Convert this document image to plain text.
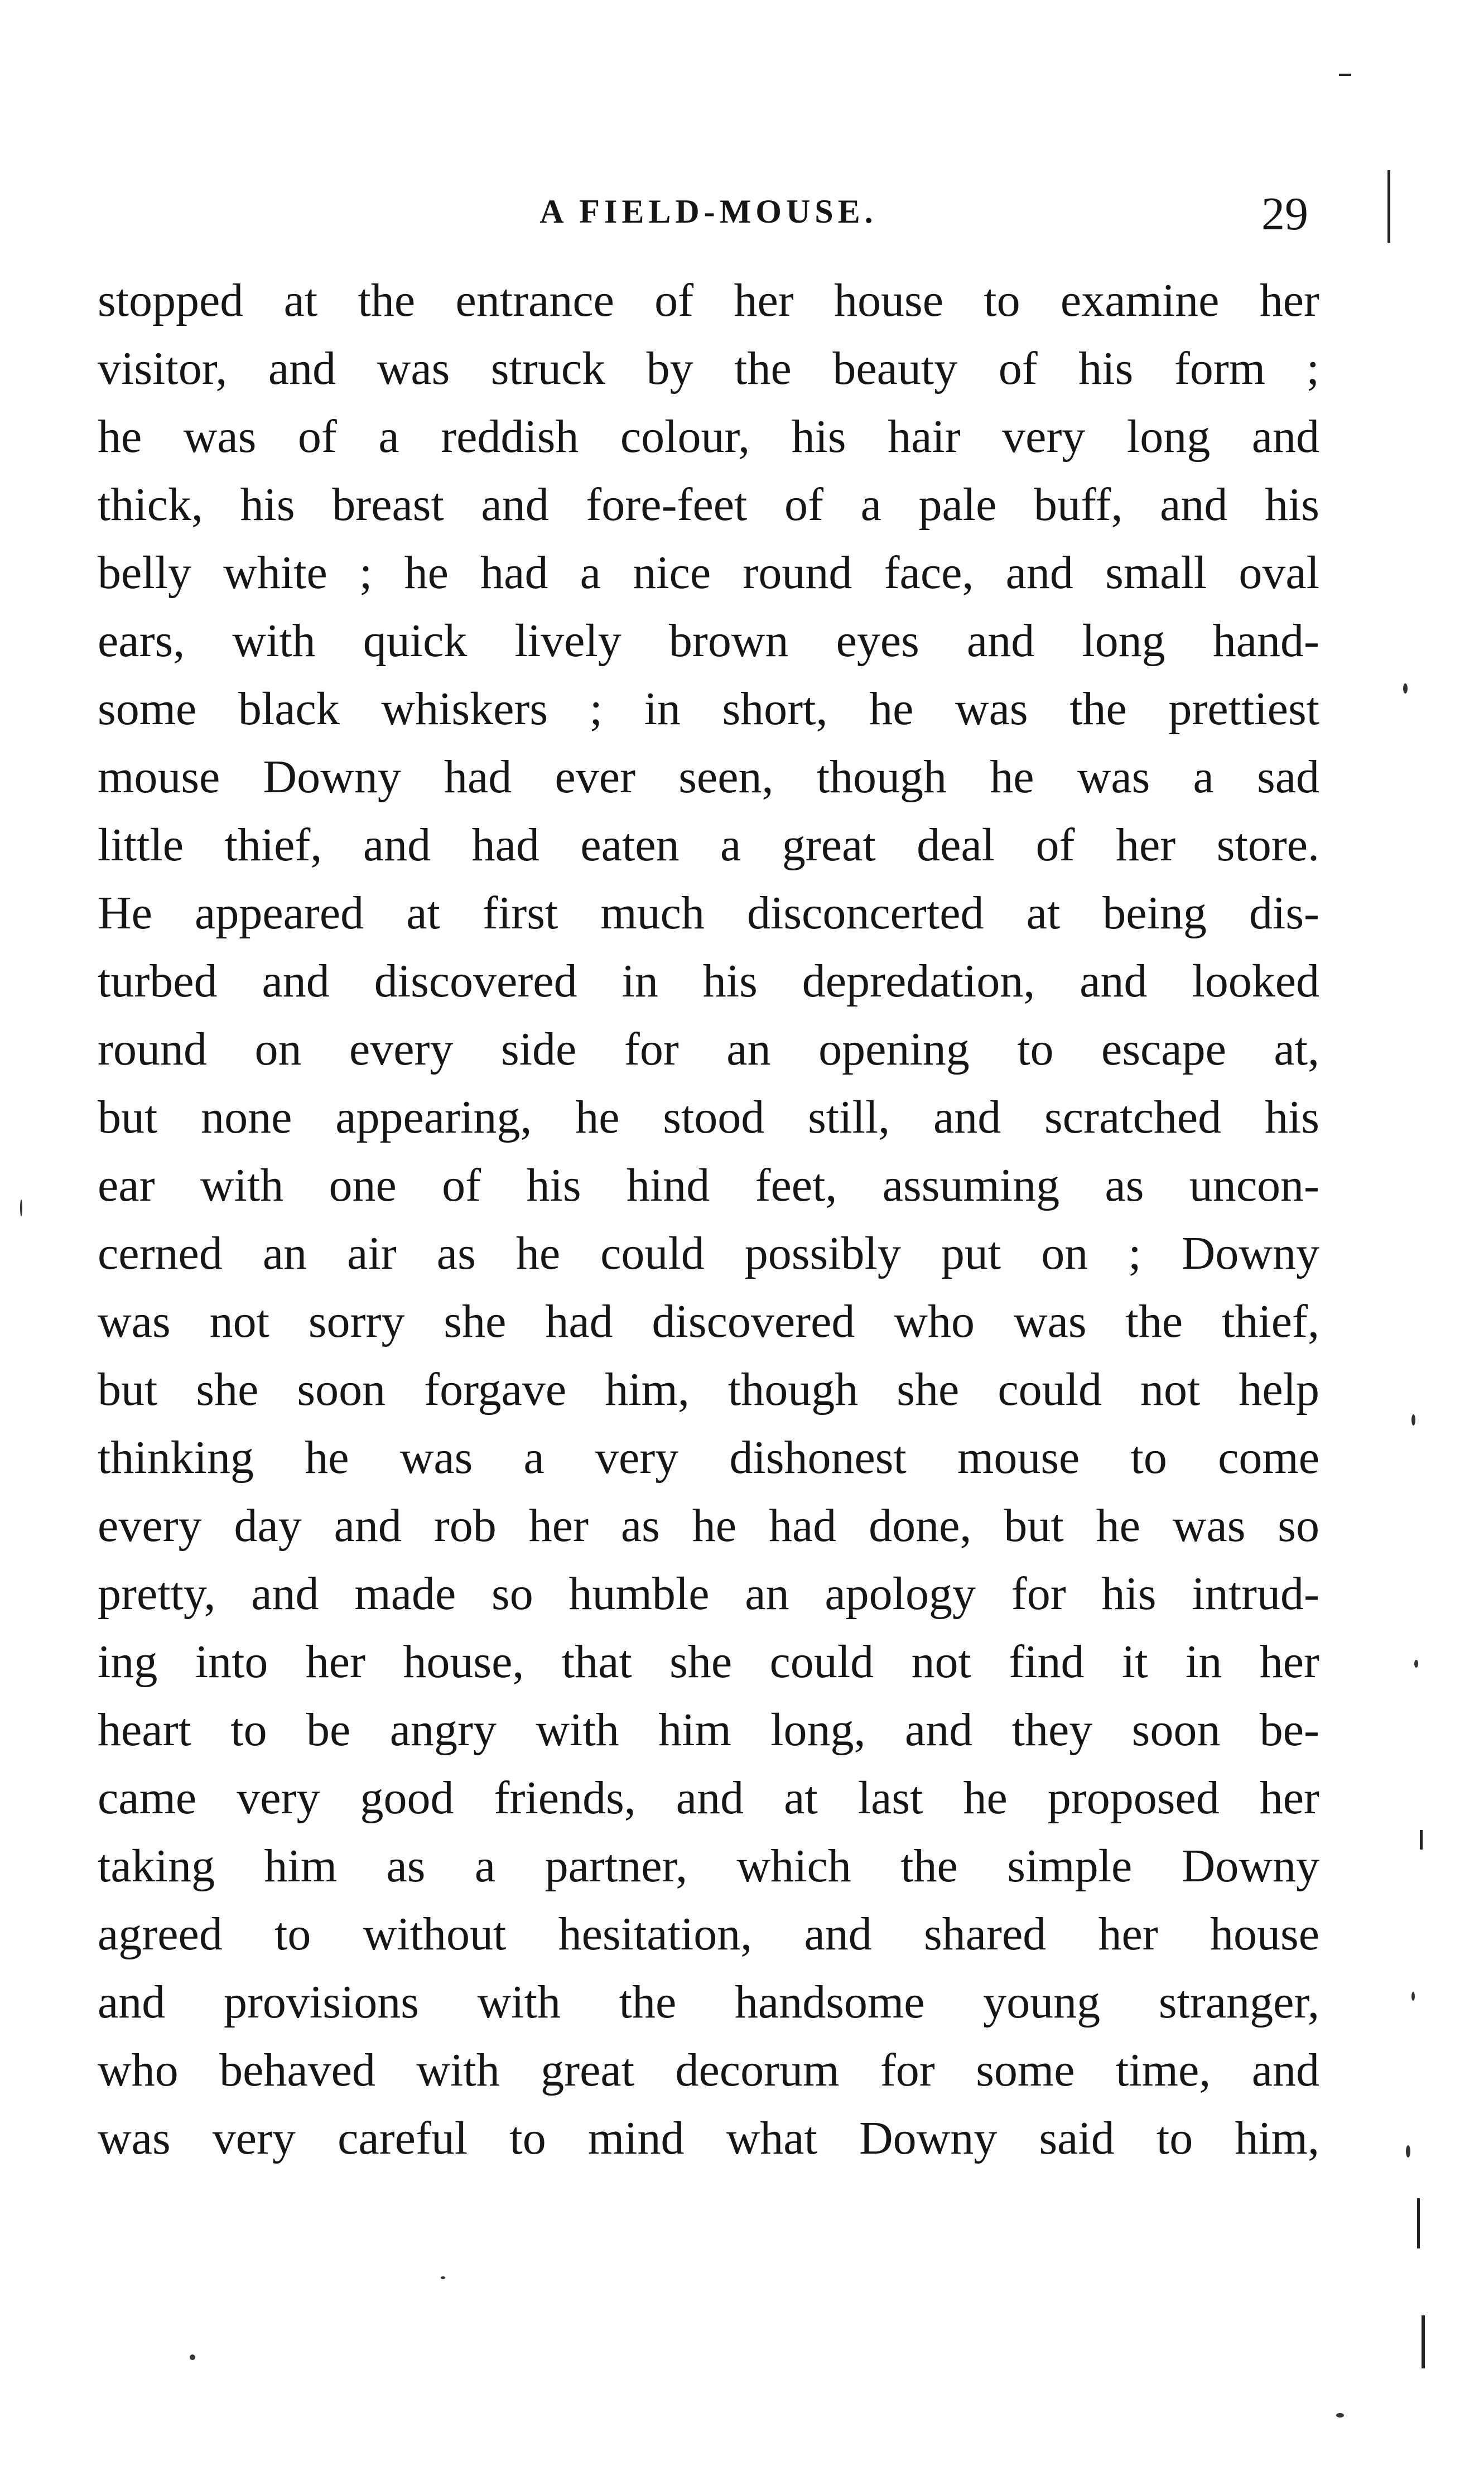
A FIELD-MOUSE.	29
stopped at the entrance of her house to examine her
visitor, and was struck by the beauty of his form ;
he was of a reddish colour, his hair very long and
thick, his breast and fore-feet of a pale buff, and his
belly white ; he had a nice round face, and small oval
ears, with quick lively brown eyes and long hand-
some black whiskers ; in short, he was the prettiest
mouse Downy had ever seen, though he was a sad
little thief, and had eaten a great deal of her store.
He appeared at first much disconcerted at being dis-
turbed and discovered in his depredation, and looked
round on every side for an opening to escape at,
but none appearing, he stood still, and scratched his
ear with one of his hind feet, assuming as uncon-
cerned an air as he could possibly put on ; Downy
was not sorry she had discovered who was the thief,
but she soon forgave him, though she could not help
thinking he was a very dishonest mouse to come
every day and rob her as he had done, but he was so
pretty, and made so humble an apology for his intrud-
ing into her house, that she could not find it in her
heart to be angry with him long, and they soon be-
came very good friends, and at last he proposed her
taking him as a partner, which the simple Downy
agreed to without hesitation, and shared her house
and provisions with the handsome young stranger,
who behaved with great decorum for some time, and
was very careful to mind what Downy said to him,
